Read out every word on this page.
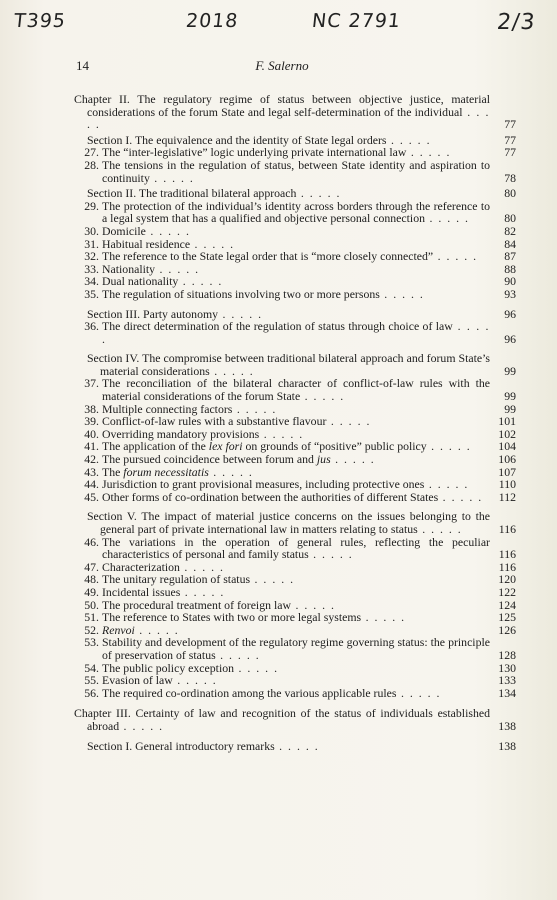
T395	2018	NC 2791	2/3
14	F. Salerno
Chapter II. The regulatory regime of status between objective justice, material considerations of the forum State and legal self-determination of the individual . . . . .	77
Section I. The equivalence and the identity of State legal orders . . . . .	77
27. The “inter-legislative” logic underlying private international law . . . . .	77
28. The tensions in the regulation of status, between State identity and aspiration to continuity . . . . .	78
Section II. The traditional bilateral approach . . . . .	80
29. The protection of the individual’s identity across borders through the reference to a legal system that has a qualified and objective personal connection . . . . .	80
30. Domicile . . . . .	82
31. Habitual residence . . . . .	84
32. The reference to the State legal order that is “more closely connected” . . . . .	87
33. Nationality . . . . .	88
34. Dual nationality . . . . .	90
35. The regulation of situations involving two or more persons . . . . .	93
Section III. Party autonomy . . . . .	96
36. The direct determination of the regulation of status through choice of law . . . . .	96
Section IV. The compromise between traditional bilateral approach and forum State’s material considerations . . . . .	99
37. The reconciliation of the bilateral character of conflict-of-law rules with the material considerations of the forum State . . . . .	99
38. Multiple connecting factors . . . . .	99
39. Conflict-of-law rules with a substantive flavour . . . . .	101
40. Overriding mandatory provisions . . . . .	102
41. The application of the lex fori on grounds of “positive” public policy . . . . .	104
42. The pursued coincidence between forum and jus . . . . .	106
43. The forum necessitatis . . . . .	107
44. Jurisdiction to grant provisional measures, including protective ones . . . . .	110
45. Other forms of co-ordination between the authorities of different States . . . . .	112
Section V. The impact of material justice concerns on the issues belonging to the general part of private international law in matters relating to status . . . . .	116
46. The variations in the operation of general rules, reflecting the peculiar characteristics of personal and family status . . . . .	116
47. Characterization . . . . .	116
48. The unitary regulation of status . . . . .	120
49. Incidental issues . . . . .	122
50. The procedural treatment of foreign law . . . . .	124
51. The reference to States with two or more legal systems . . . . .	125
52. Renvoi . . . . .	126
53. Stability and development of the regulatory regime governing status: the principle of preservation of status . . . . .	128
54. The public policy exception . . . . .	130
55. Evasion of law . . . . .	133
56. The required co-ordination among the various applicable rules . . . . .	134
Chapter III. Certainty of law and recognition of the status of individuals established abroad . . . . .	138
Section I. General introductory remarks . . . . .	138
